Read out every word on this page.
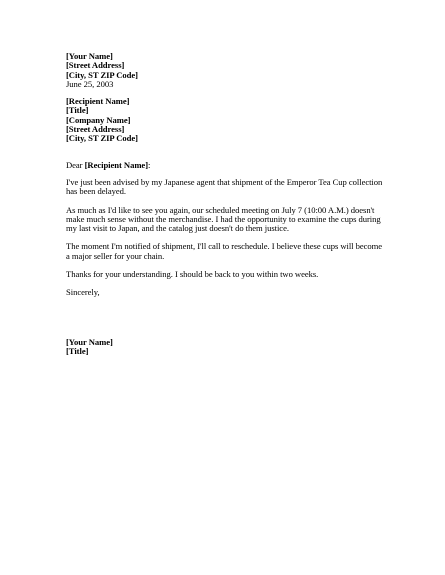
[Your Name]
[Street Address]
[City, ST ZIP Code]
June 25, 2003
[Recipient Name]
[Title]
[Company Name]
[Street Address]
[City, ST ZIP Code]
Dear [Recipient Name]:

I've just been advised by my Japanese agent that shipment of the Emperor Tea Cup collection has been delayed.

As much as I'd like to see you again, our scheduled meeting on July 7 (10:00 A.M.) doesn't make much sense without the merchandise. I had the opportunity to examine the cups during my last visit to Japan, and the catalog just doesn't do them justice.

The moment I'm notified of shipment, I'll call to reschedule. I believe these cups will become a major seller for your chain.

Thanks for your understanding. I should be back to you within two weeks.

Sincerely,
[Your Name]
[Title]
